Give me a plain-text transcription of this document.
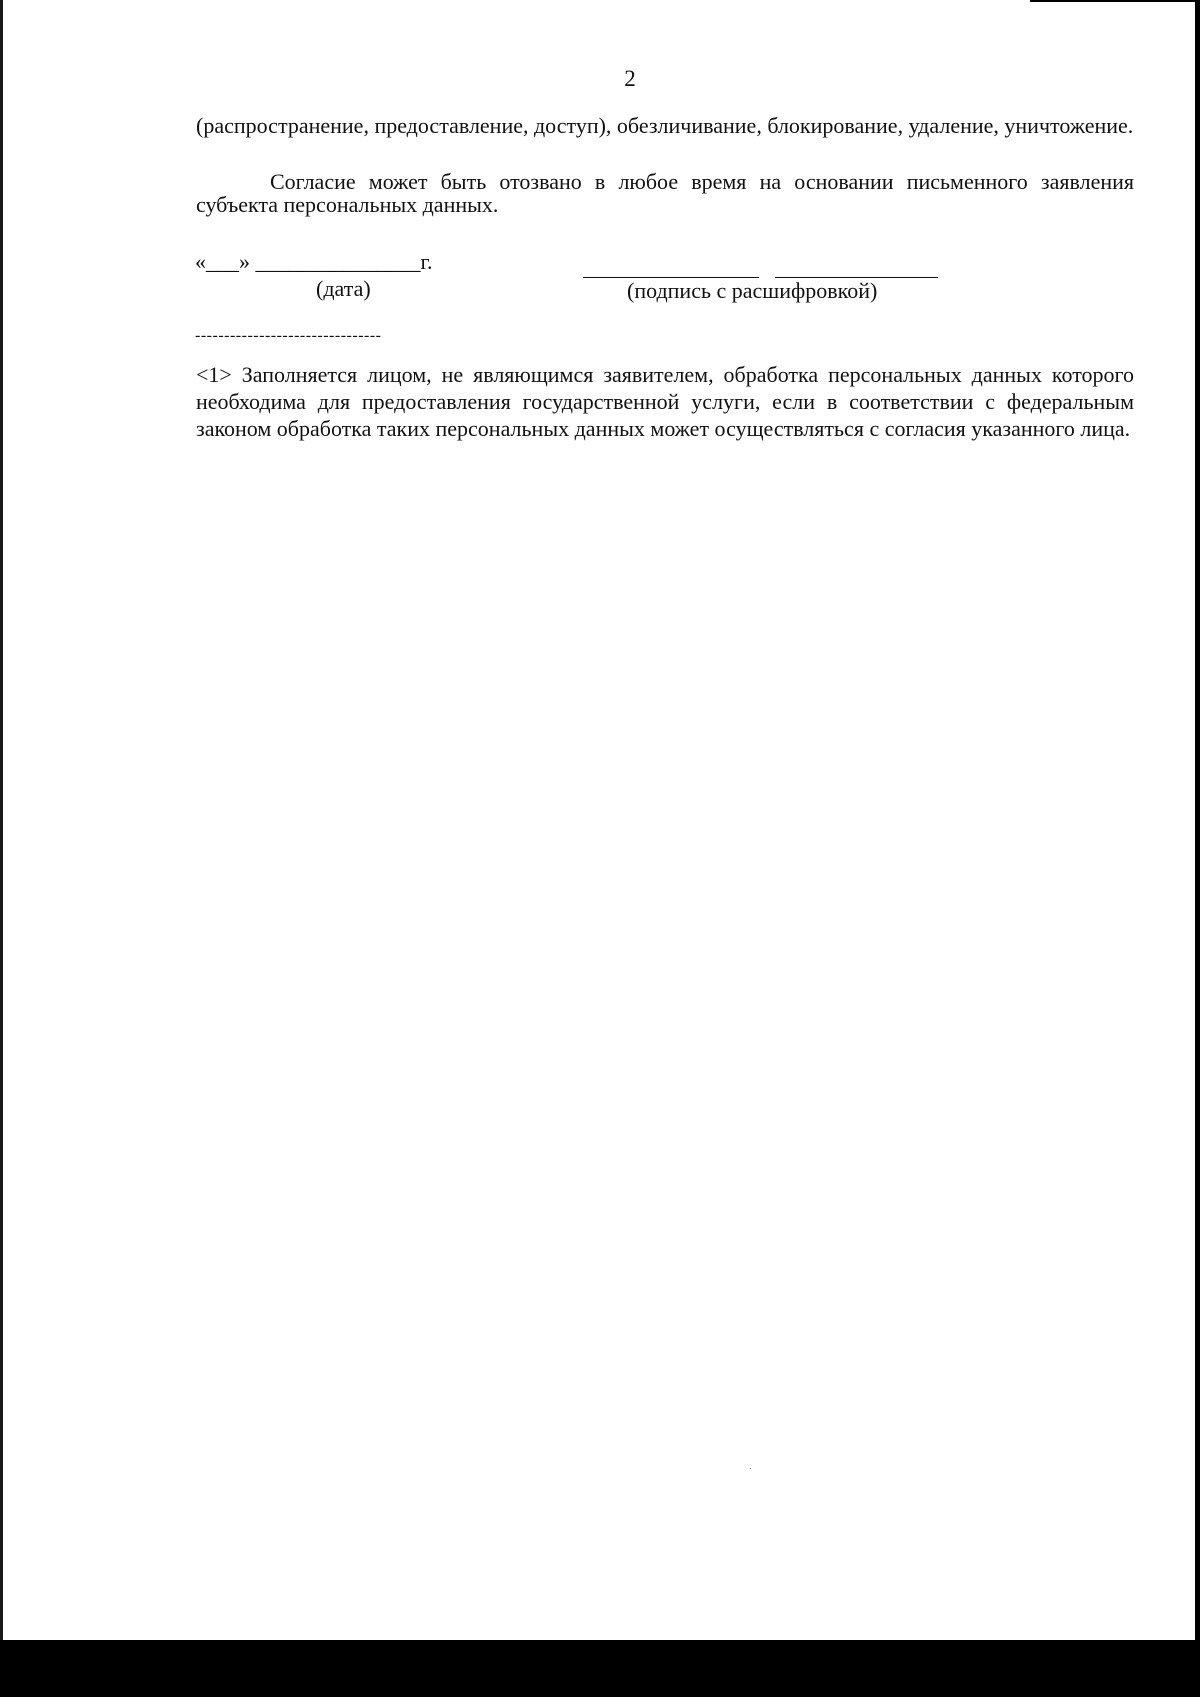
2
(распространение, предоставление, доступ), обезличивание, блокирование, удаление, уничтожение.
Согласие может быть отозвано в любое время на основании письменного заявления субъекта персональных данных.
«___» _______________г.
(дата)	(подпись с расшифровкой)
--------------------------------
<1> Заполняется лицом, не являющимся заявителем, обработка персональных данных которого необходима для предоставления государственной услуги, если в соответствии с федеральным законом обработка таких персональных данных может осуществляться с согласия указанного лица.
